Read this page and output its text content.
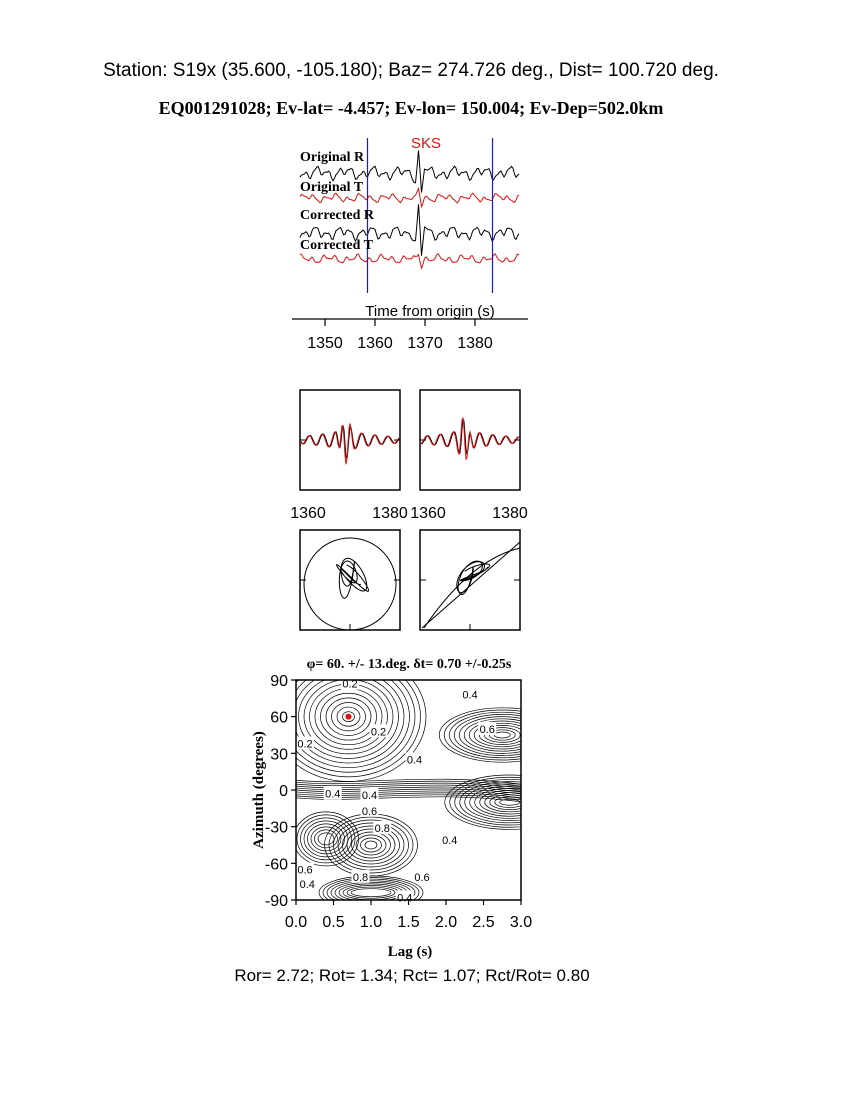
Station: S19x (35.600, -105.180); Baz= 274.726 deg., Dist= 100.720 deg.
EQ001291028; Ev-lat= -4.457; Ev-lon= 150.004; Ev-Dep=502.0km
SKS
Original R
Original T
Corrected R
Corrected T
Time from origin (s)
1350 1360 1370 1380
1360	1380 1360	1380
φ= 60. +/- 13.deg. δt= 0.70 +/-0.25s
0.2
0.4
0.6
0.2
0.2
0.4
0.4 0.4
0.6
0.8
0.4
0.6
0.8	0.6
0.4
0.4
0.0 0.5 1.0 1.5 2.0 2.5 3.0
90
60
30
0
-30
-60
-90
Lag (s)
Azimuth (degrees)
Ror= 2.72; Rot= 1.34; Rct= 1.07; Rct/Rot= 0.80
